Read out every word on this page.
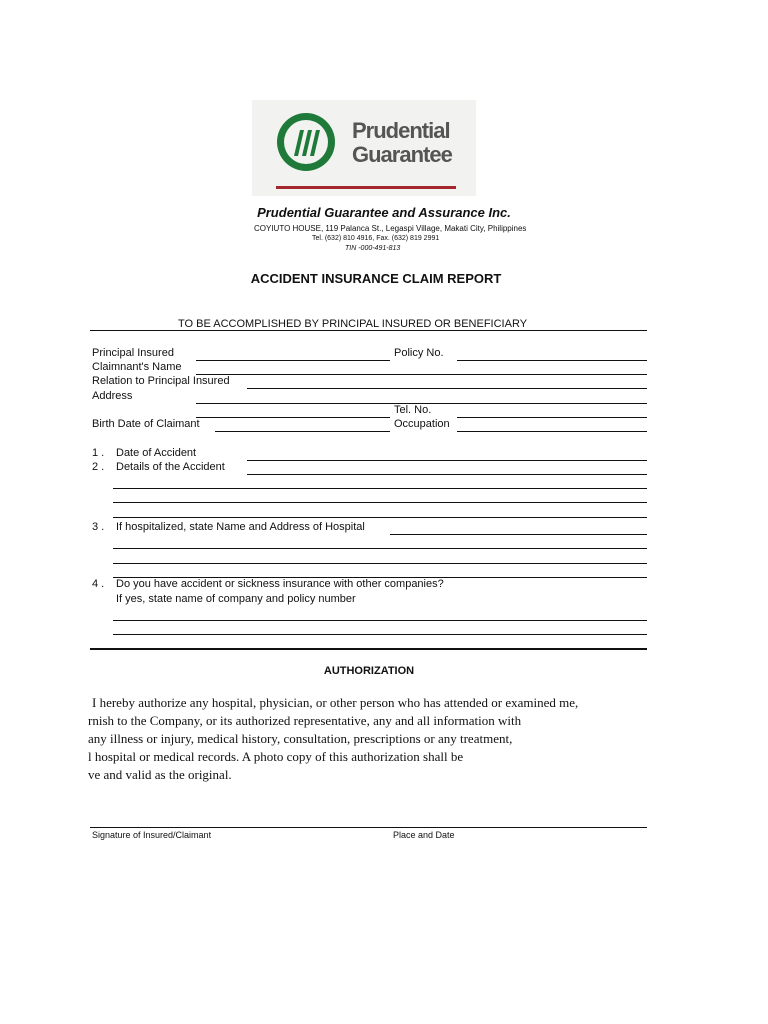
Prudential
Guarantee
Prudential Guarantee and Assurance Inc.
COYIUTO HOUSE, 119 Palanca St., Legaspi Village, Makati City, Philippines
Tel. (632) 810 4916, Fax. (632) 819 2991
TIN -000-491-813
ACCIDENT INSURANCE CLAIM REPORT
TO BE ACCOMPLISHED BY PRINCIPAL INSURED OR BENEFICIARY
Principal Insured	Policy No.
Claimnant's Name
Relation to Principal Insured
Address
Tel. No.
Birth Date of Claimant	Occupation
1 . Date of Accident
2 . Details of the Accident
3 . If hospitalized, state Name and Address of Hospital
4 . Do you have accident or sickness insurance with other companies?
If yes, state name of company and policy number
AUTHORIZATION
I hereby authorize any hospital, physician, or other person who has attended or examined me,
rnish to the Company, or its authorized representative, any and all information with
any illness or injury, medical history, consultation, prescriptions or any treatment,
l hospital or medical records. A photo copy of this authorization shall be
ve and valid as the original.
Signature of Insured/Claimant	Place and Date
